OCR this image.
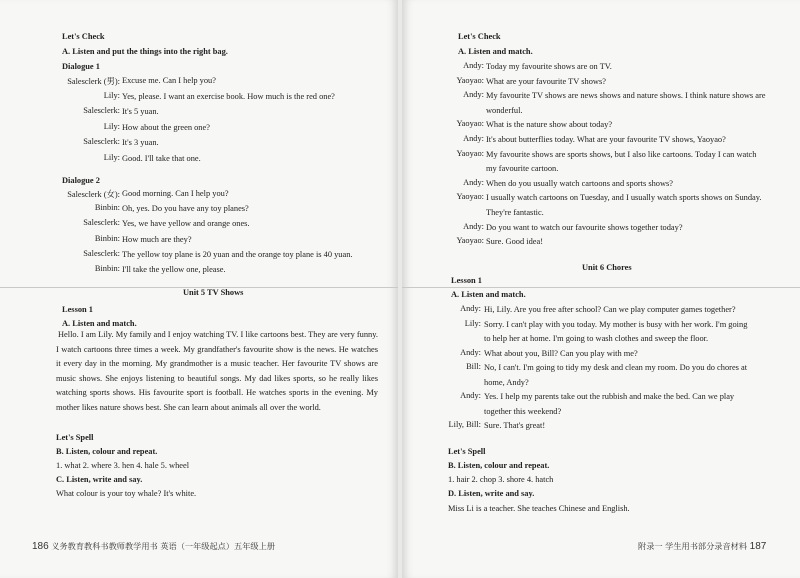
Let's Check
A. Listen and put the things into the right bag.
Dialogue 1
Salesclerk (男): Excuse me. Can I help you?
Lily: Yes, please. I want an exercise book. How much is the red one?
Salesclerk: It's 5 yuan.
Lily: How about the green one?
Salesclerk: It's 3 yuan.
Lily: Good. I'll take that one.
Dialogue 2
Salesclerk (女): Good morning. Can I help you?
Binbin: Oh, yes. Do you have any toy planes?
Salesclerk: Yes, we have yellow and orange ones.
Binbin: How much are they?
Salesclerk: The yellow toy plane is 20 yuan and the orange toy plane is 40 yuan.
Binbin: I'll take the yellow one, please.
Unit 5 TV Shows
Lesson 1
A. Listen and match.
Hello. I am Lily. My family and I enjoy watching TV. I like cartoons best. They are very funny. I watch cartoons three times a week. My grandfather's favourite show is the news. He watches it every day in the morning. My grandmother is a music teacher. Her favourite TV shows are music shows. She enjoys listening to beautiful songs. My dad likes sports, so he really likes watching sports shows. His favourite sport is football. He watches sports in the evening. My mother likes nature shows best. She can learn about animals all over the world.
Let's Spell
B. Listen, colour and repeat.
1. what 2. where 3. hen 4. hale 5. wheel
C. Listen, write and say.
What colour is your toy whale? It's white.
186 义务教育教科书教师教学用书 英语（一年级起点）五年级上册
Let's Check
A. Listen and match.
Andy: Today my favourite shows are on TV.
Yaoyao: What are your favourite TV shows?
Andy: My favourite TV shows are news shows and nature shows. I think nature shows are
wonderful.
Yaoyao: What is the nature show about today?
Andy: It's about butterflies today. What are your favourite TV shows, Yaoyao?
Yaoyao: My favourite shows are sports shows, but I also like cartoons. Today I can watch
my favourite cartoon.
Andy: When do you usually watch cartoons and sports shows?
Yaoyao: I usually watch cartoons on Tuesday, and I usually watch sports shows on Sunday.
They're fantastic.
Andy: Do you want to watch our favourite shows together today?
Yaoyao: Sure. Good idea!
Unit 6 Chores
Lesson 1
A. Listen and match.
Andy: Hi, Lily. Are you free after school? Can we play computer games together?
Lily: Sorry. I can't play with you today. My mother is busy with her work. I'm going
to help her at home. I'm going to wash clothes and sweep the floor.
Andy: What about you, Bill? Can you play with me?
Bill: No, I can't. I'm going to tidy my desk and clean my room. Do you do chores at
home, Andy?
Andy: Yes. I help my parents take out the rubbish and make the bed. Can we play
together this weekend?
Lily, Bill: Sure. That's great!
Let's Spell
B. Listen, colour and repeat.
1. hair 2. chop 3. shore 4. hatch
D. Listen, write and say.
Miss Li is a teacher. She teaches Chinese and English.
附录一 学生用书部分录音材料 187
